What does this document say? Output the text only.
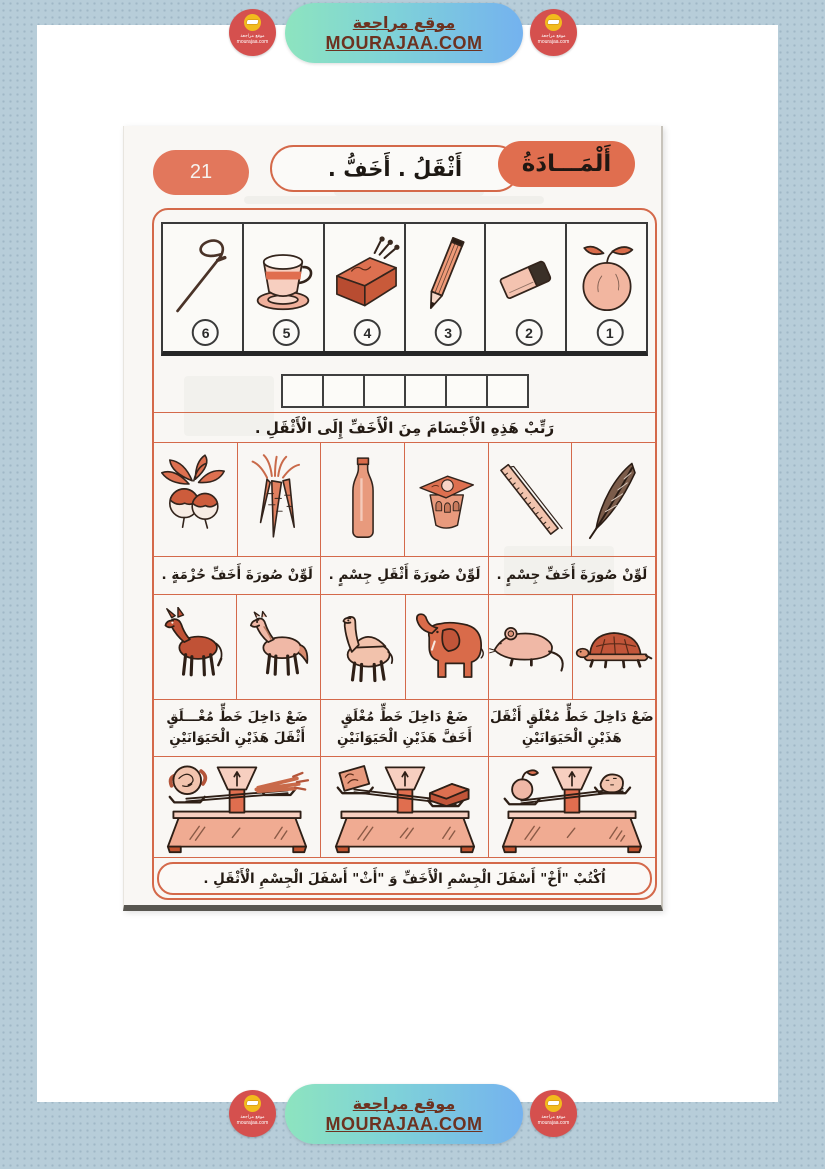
موقع مراجعة
mourajaa.com
موقع مراجعة
MOURAJAA.COM	موقع مراجعة
mourajaa.com
21	أَثْقَلُ . أَخَفُّ .	أَلْمَـــادَةُ
1
2
3
4
5
6
رَتِّبْ هَذِهِ الْأَجْسَامَ مِنَ الْأَخَفِّ إِلَى الْأَثْقَلِ .
لَوِّنْ صُورَةَ أَخَفِّ جِسْمٍ .
لَوِّنْ صُورَةَ أَثْقَلِ جِسْمٍ .
لَوِّنْ صُورَةَ أَخَفِّ حُزْمَةٍ .
ضَعْ دَاخِلَ خَطٍّ مُغْلَقٍ أَثْقَلَ
هَذَيْنِ الْحَيَوَانَيْنِ
ضَعْ دَاخِلَ خَطٍّ مُغْلَقٍ
أَخَفَّ هَذَيْنِ الْحَيَوَانَيْنِ
ضَعْ دَاخِلَ خَطٍّ مُغْـــلَقٍ
أَثْقَلَ هَذَيْنِ الْحَيَوَانَيْنِ
اُكْتُبْ "أَخْ" أَسْفَلَ الْجِسْمِ الْأَخَفِّ وَ "أَثْ" أَسْفَلَ الْجِسْمِ الْأَثْقَلِ .
موقع مراجعة
mourajaa.com
موقع مراجعة
MOURAJAA.COM	موقع مراجعة
mourajaa.com
